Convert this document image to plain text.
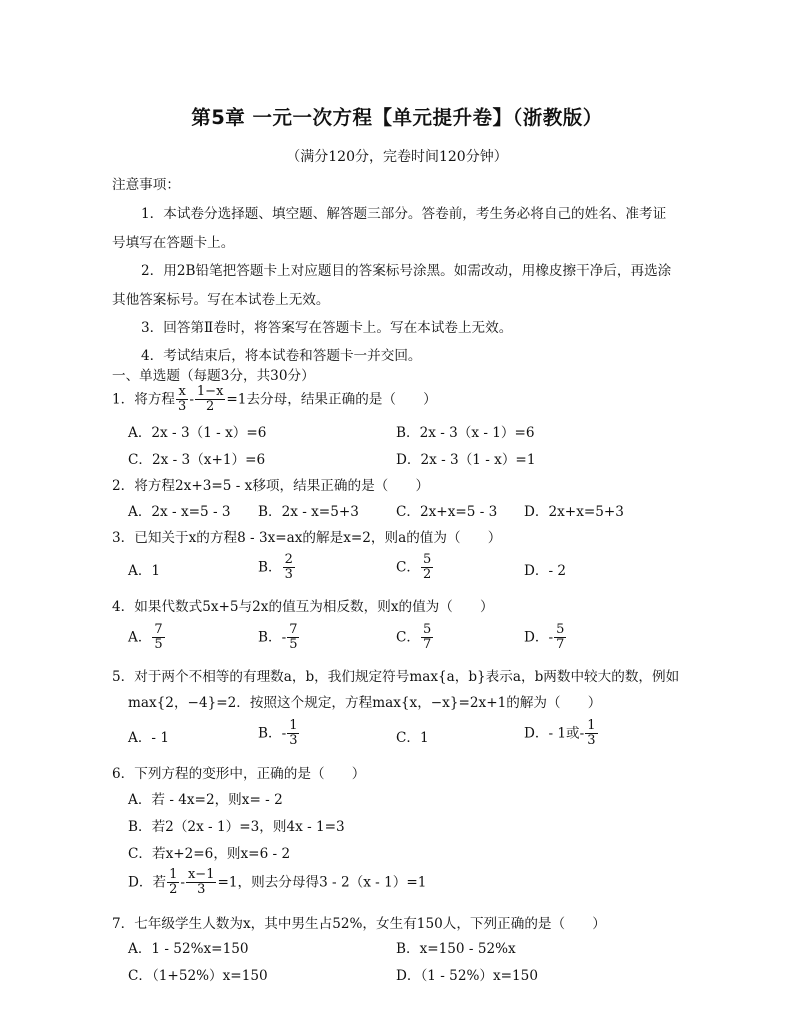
第5章 一元一次方程【单元提升卷】（浙教版）
（满分120分，完卷时间120分钟）
注意事项：
1．本试卷分选择题、填空题、解答题三部分。答卷前，考生务必将自己的姓名、准考证
号填写在答题卡上。
2．用2B铅笔把答题卡上对应题目的答案标号涂黑。如需改动，用橡皮擦干净后，再选涂
其他答案标号。写在本试卷上无效。
3．回答第Ⅱ卷时，将答案写在答题卡上。写在本试卷上无效。
4．考试结束后，将本试卷和答题卡一并交回。
一、单选题（每题3分，共30分）
1．将方程 $\frac{x}{3} - \frac{1-x}{2} =1$去分母，结果正确的是（　　）
A．2x - 3（1 - x）=6	B．2x - 3（x - 1）=6
C．2x - 3（x+1）=6	D．2x - 3（1 - x）=1
2．将方程2x+3=5 - x移项，结果正确的是（　　）
A．2x - x=5 - 3 B．2x - x=5+3	C．2x+x=5 - 3 D．2x+x=5+3
3．已知关于x的方程8 - 3x=ax的解是x=2，则a的值为（　　）
A．1	B． $\frac{2}{3}$	C． $\frac{5}{2}$	D．- 2
4．如果代数式5x+5与2x的值互为相反数，则x的值为（　　）
A． $\frac{7}{5}$	B．- $\frac{7}{5}$	C． $\frac{5}{7}$	D．- $\frac{5}{7}$
5．对于两个不相等的有理数a，b，我们规定符号max{a，b}表示a，b两数中较大的数，例如
max{2，−4}=2．按照这个规定，方程max{x，−x}=2x+1的解为（　　）
A．- 1	B．- $\frac{1}{3}$	C．1	D．- 1或- $\frac{1}{3}$
6．下列方程的变形中，正确的是（　　）
A．若 - 4x=2，则x= - 2
B．若2（2x - 1）=3，则4x - 1=3
C．若x+2=6，则x=6 - 2
D．若 $\frac{1}{2} - \frac{x-1}{3} =1$，则去分母得3 - 2（x - 1）=1
7．七年级学生人数为x，其中男生占52%，女生有150人，下列正确的是（　　）
A．1 - 52%x=150	B．x=150 - 52%x
C．（1+52%）x=150	D．（1 - 52%）x=150
